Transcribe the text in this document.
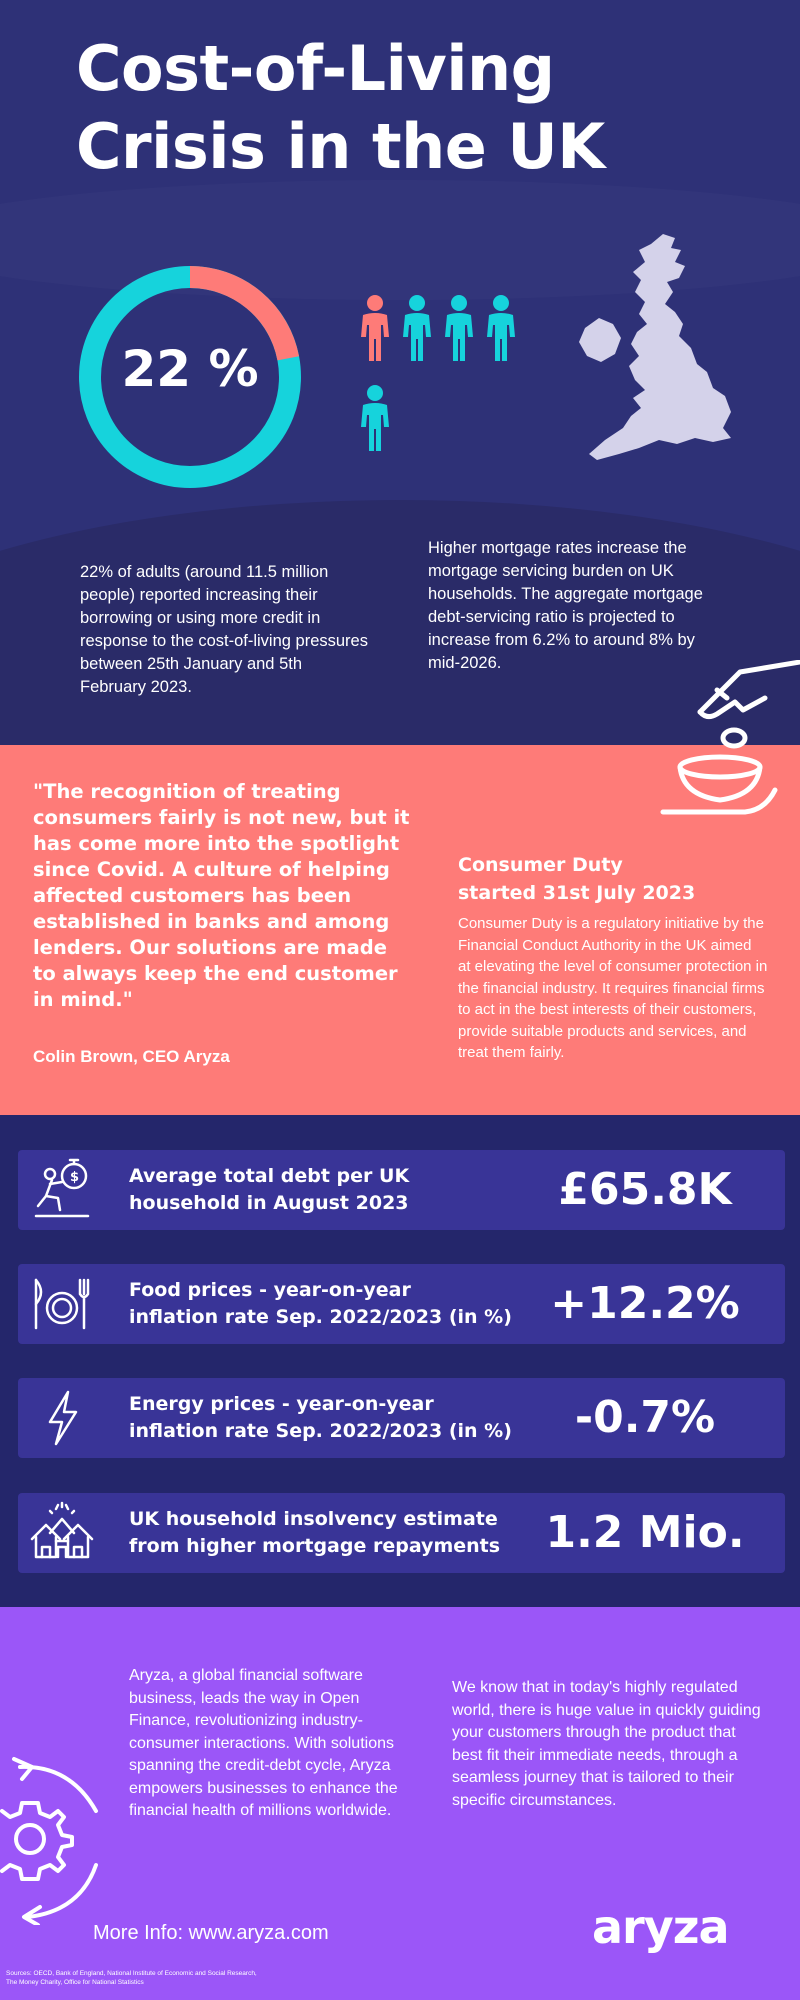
Cost-of-Living
Crisis in the UK
22 %

22% of adults (around 11.5 million people) reported increasing their borrowing or using more credit in response to the cost-of-living pressures between 25th January and 5th February 2023.

Higher mortgage rates increase the mortgage servicing burden on UK households. The aggregate mortgage debt-servicing ratio is projected to increase from 6.2% to around 8% by mid-2026.

"The recognition of treating consumers fairly is not new, but it has come more into the spotlight since Covid. A culture of helping affected customers has been established in banks and among lenders. Our solutions are made to always keep the end customer in mind."

Colin Brown, CEO Aryza

Consumer Duty
started 31st July 2023

Consumer Duty is a regulatory initiative by the Financial Conduct Authority in the UK aimed at elevating the level of consumer protection in the financial industry. It requires financial firms to act in the best interests of their customers, provide suitable products and services, and treat them fairly.

$	Average total debt per UK
household in August 2023	£65.8K
Food prices - year-on-year
inflation rate Sep. 2022/2023 (in %) +12.2%
Energy prices - year-on-year
inflation rate Sep. 2022/2023 (in %)	-0.7%
UK household insolvency estimate
from higher mortgage repayments	1.2 Mio.

Aryza, a global financial software business, leads the way in Open Finance, revolutionizing industry-consumer interactions. With solutions spanning the credit-debt cycle, Aryza empowers businesses to enhance the financial health of millions worldwide.

We know that in today's highly regulated world, there is huge value in quickly guiding your customers through the product that best fit their immediate needs, through a seamless journey that is tailored to their specific circumstances.

More Info: www.aryza.com	aryza

Sources: OECD, Bank of England, National Institute of Economic and Social Research, The Money Charity, Office for National Statistics
